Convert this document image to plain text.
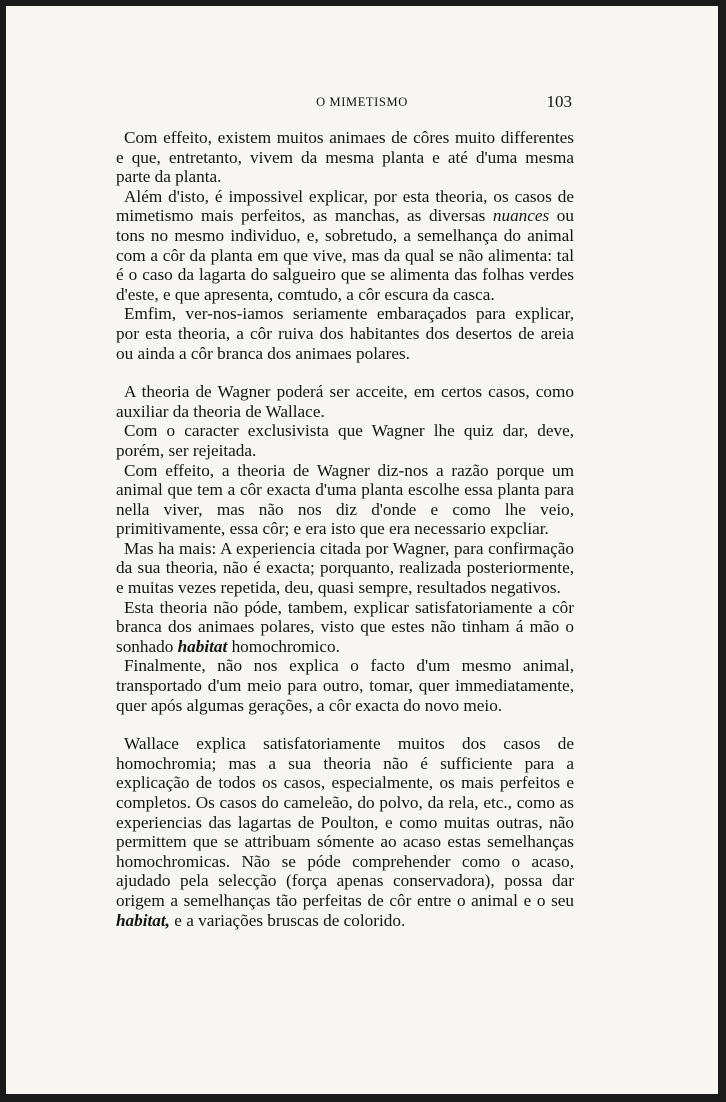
O MIMETISMO	103

Com effeito, existem muitos animaes de côres muito differentes e que, entretanto, vivem da mesma planta e até d'uma mesma parte da planta.

Além d'isto, é impossivel explicar, por esta theoria, os casos de mimetismo mais perfeitos, as manchas, as diversas nuances ou tons no mesmo individuo, e, sobretudo, a semelhança do animal com a côr da planta em que vive, mas da qual se não alimenta: tal é o caso da lagarta do salgueiro que se alimenta das folhas verdes d'este, e que apresenta, comtudo, a côr escura da casca.

Emfim, ver-nos-iamos seriamente embaraçados para explicar, por esta theoria, a côr ruiva dos habitantes dos desertos de areia ou ainda a côr branca dos animaes polares.

A theoria de Wagner poderá ser acceite, em certos casos, como auxiliar da theoria de Wallace.

Com o caracter exclusivista que Wagner lhe quiz dar, deve, porém, ser rejeitada.

Com effeito, a theoria de Wagner diz-nos a razão porque um animal que tem a côr exacta d'uma planta escolhe essa planta para nella viver, mas não nos diz d'onde e como lhe veio, primitivamente, essa côr; e era isto que era necessario expcliar.

Mas ha mais: A experiencia citada por Wagner, para confirmação da sua theoria, não é exacta; porquanto, realizada posteriormente, e muitas vezes repetida, deu, quasi sempre, resultados negativos.

Esta theoria não póde, tambem, explicar satisfatoriamente a côr branca dos animaes polares, visto que estes não tinham á mão o sonhado habitat homochromico.

Finalmente, não nos explica o facto d'um mesmo animal, transportado d'um meio para outro, tomar, quer immediatamente, quer após algumas gerações, a côr exacta do novo meio.

Wallace explica satisfatoriamente muitos dos casos de homochromia; mas a sua theoria não é sufficiente para a explicação de todos os casos, especialmente, os mais perfeitos e completos. Os casos do cameleão, do polvo, da rela, etc., como as experiencias das lagartas de Poulton, e como muitas outras, não permittem que se attribuam sómente ao acaso estas semelhanças homochromicas. Não se póde comprehender como o acaso, ajudado pela selecção (força apenas conservadora), possa dar origem a semelhanças tão perfeitas de côr entre o animal e o seu habitat, e a variações bruscas de colorido.
